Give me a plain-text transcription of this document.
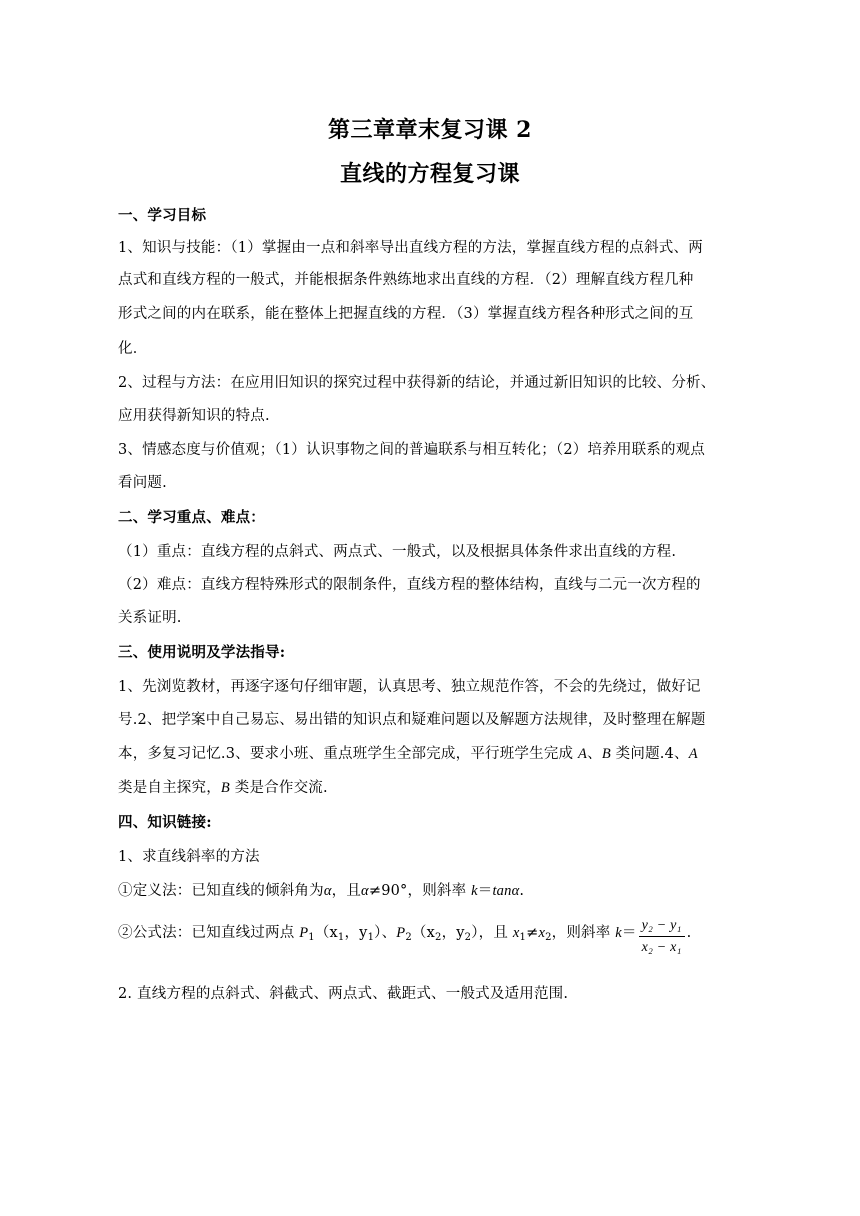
第三章章末复习课 2
直线的方程复习课
一、学习目标
1、知识与技能：（1）掌握由一点和斜率导出直线方程的方法，掌握直线方程的点斜式、两
点式和直线方程的一般式，并能根据条件熟练地求出直线的方程．（2）理解直线方程几种
形式之间的内在联系，能在整体上把握直线的方程．（3）掌握直线方程各种形式之间的互
化．
2、过程与方法：在应用旧知识的探究过程中获得新的结论，并通过新旧知识的比较、分析、
应用获得新知识的特点.
3、情感态度与价值观；（1）认识事物之间的普遍联系与相互转化；（2）培养用联系的观点
看问题.
二、学习重点、难点：
（1）重点：直线方程的点斜式、两点式、一般式，以及根据具体条件求出直线的方程.
（2）难点：直线方程特殊形式的限制条件，直线方程的整体结构，直线与二元一次方程的
关系证明.
三、使用说明及学法指导:
1、先浏览教材，再逐字逐句仔细审题，认真思考、独立规范作答，不会的先绕过，做好记
号.2、把学案中自己易忘、易出错的知识点和疑难问题以及解题方法规律，及时整理在解题
本，多复习记忆.3、要求小班、重点班学生全部完成，平行班学生完成 A、B 类问题.4、A
类是自主探究，B 类是合作交流.
四、知识链接:
1、求直线斜率的方法
①定义法：已知直线的倾斜角为α，且α≠90°，则斜率 k＝tanα.
②公式法：已知直线过两点 $P_1(x_1$，$y_1$）、$P_2(x_2$，$y_2$），且 $x_1\ne x_2$，则斜率 $k= \frac{\text{y₂ − y₁}}{\text{x₂ − x₁}}$ .
2. 直线方程的点斜式、斜截式、两点式、截距式、一般式及适用范围.
